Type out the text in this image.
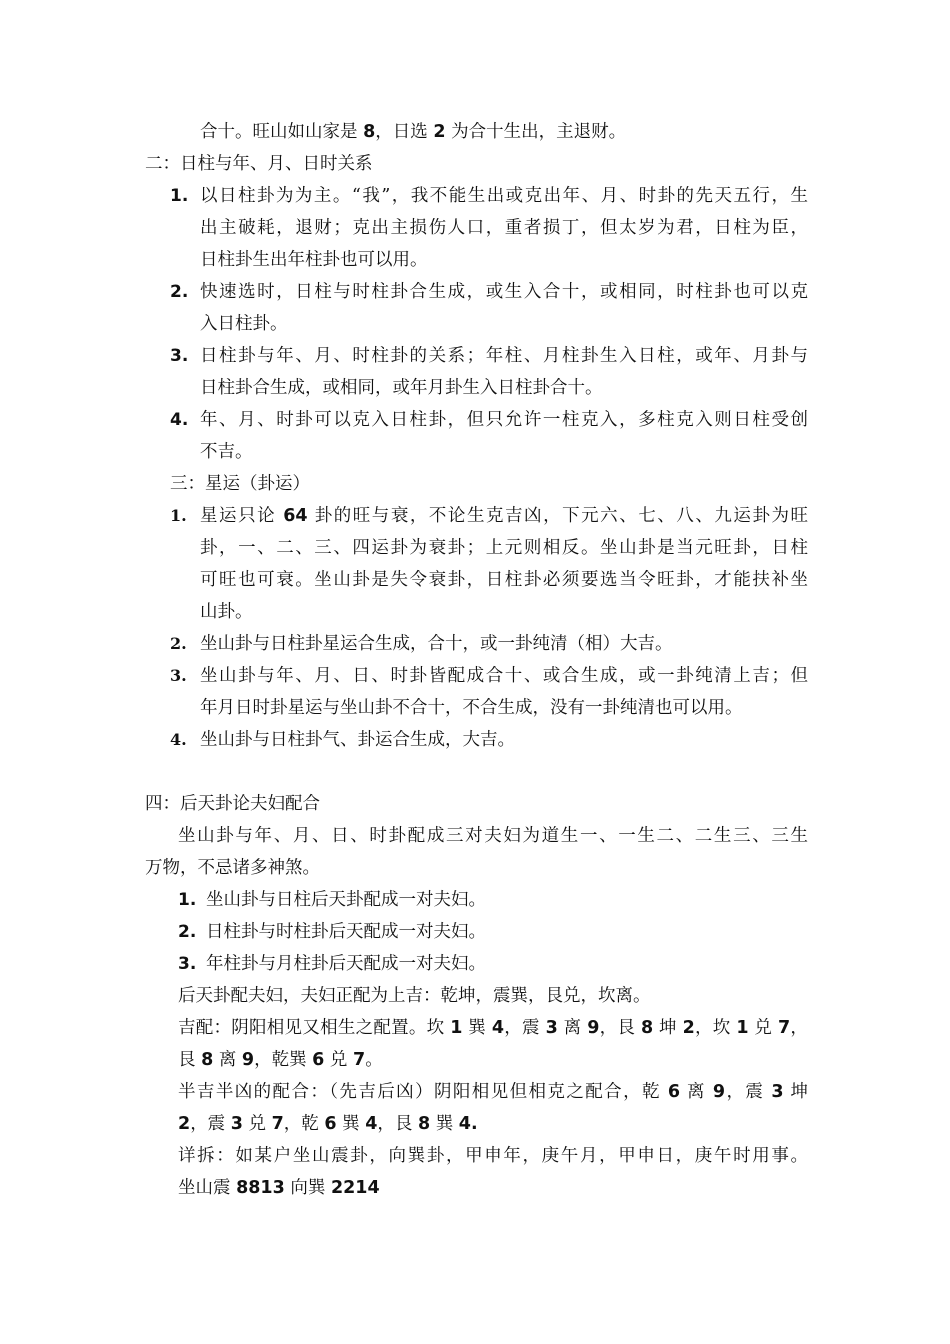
合十。旺山如山家是 8，日选 2 为合十生出，主退财。
二：日柱与年、月、日时关系
1. 以日柱卦为为主。“我”，我不能生出或克出年、月、时卦的先天五行，生
出主破耗，退财；克出主损伤人口，重者损丁，但太岁为君，日柱为臣，
日柱卦生出年柱卦也可以用。
2. 快速选时，日柱与时柱卦合生成，或生入合十，或相同，时柱卦也可以克
入日柱卦。
3. 日柱卦与年、月、时柱卦的关系；年柱、月柱卦生入日柱，或年、月卦与
日柱卦合生成，或相同，或年月卦生入日柱卦合十。
4. 年、月、时卦可以克入日柱卦，但只允许一柱克入，多柱克入则日柱受创
不吉。
三：星运（卦运）
1. 星运只论 64 卦的旺与衰，不论生克吉凶，下元六、七、八、九运卦为旺
卦，一、二、三、四运卦为衰卦；上元则相反。坐山卦是当元旺卦，日柱
可旺也可衰。坐山卦是失令衰卦，日柱卦必须要选当令旺卦，才能扶补坐
山卦。
2. 坐山卦与日柱卦星运合生成，合十，或一卦纯清（相）大吉。
3. 坐山卦与年、月、日、时卦皆配成合十、或合生成，或一卦纯清上吉；但
年月日时卦星运与坐山卦不合十，不合生成，没有一卦纯清也可以用。
4. 坐山卦与日柱卦气、卦运合生成，大吉。
四：后天卦论夫妇配合
坐山卦与年、月、日、时卦配成三对夫妇为道生一、一生二、二生三、三生
万物，不忌诸多神煞。
1. 坐山卦与日柱后天卦配成一对夫妇。
2. 日柱卦与时柱卦后天配成一对夫妇。
3. 年柱卦与月柱卦后天配成一对夫妇。
后天卦配夫妇，夫妇正配为上吉：乾坤，震巽，艮兑，坎离。
吉配：阴阳相见又相生之配置。坎 1 巽 4，震 3 离 9，艮 8 坤 2，坎 1 兑 7，
艮 8 离 9，乾巽 6 兑 7。
半吉半凶的配合：（先吉后凶）阴阳相见但相克之配合，乾 6 离 9，震 3 坤
2，震 3 兑 7，乾 6 巽 4，艮 8 巽 4.
详拆：如某户坐山震卦，向巽卦，甲申年，庚午月，甲申日，庚午时用事。
坐山震 8813 向巽 2214
